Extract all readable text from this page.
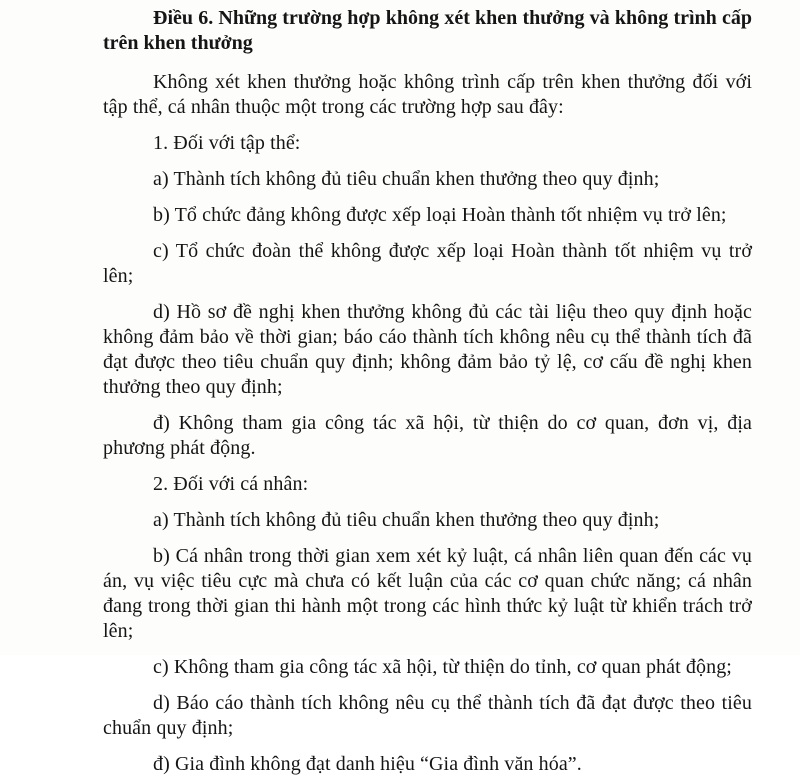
Điều 6. Những trường hợp không xét khen thưởng và không trình cấp trên khen thưởng

Không xét khen thưởng hoặc không trình cấp trên khen thưởng đối với tập thể, cá nhân thuộc một trong các trường hợp sau đây:

1. Đối với tập thể:

a) Thành tích không đủ tiêu chuẩn khen thưởng theo quy định;

b) Tổ chức đảng không được xếp loại Hoàn thành tốt nhiệm vụ trở lên;

c) Tổ chức đoàn thể không được xếp loại Hoàn thành tốt nhiệm vụ trở lên;

d) Hồ sơ đề nghị khen thưởng không đủ các tài liệu theo quy định hoặc không đảm bảo về thời gian; báo cáo thành tích không nêu cụ thể thành tích đã đạt được theo tiêu chuẩn quy định; không đảm bảo tỷ lệ, cơ cấu đề nghị khen thưởng theo quy định;

đ) Không tham gia công tác xã hội, từ thiện do cơ quan, đơn vị, địa phương phát động.

2. Đối với cá nhân:

a) Thành tích không đủ tiêu chuẩn khen thưởng theo quy định;

b) Cá nhân trong thời gian xem xét kỷ luật, cá nhân liên quan đến các vụ án, vụ việc tiêu cực mà chưa có kết luận của các cơ quan chức năng; cá nhân đang trong thời gian thi hành một trong các hình thức kỷ luật từ khiển trách trở lên;

c) Không tham gia công tác xã hội, từ thiện do tỉnh, cơ quan phát động;

d) Báo cáo thành tích không nêu cụ thể thành tích đã đạt được theo tiêu chuẩn quy định;

đ) Gia đình không đạt danh hiệu “Gia đình văn hóa”.
